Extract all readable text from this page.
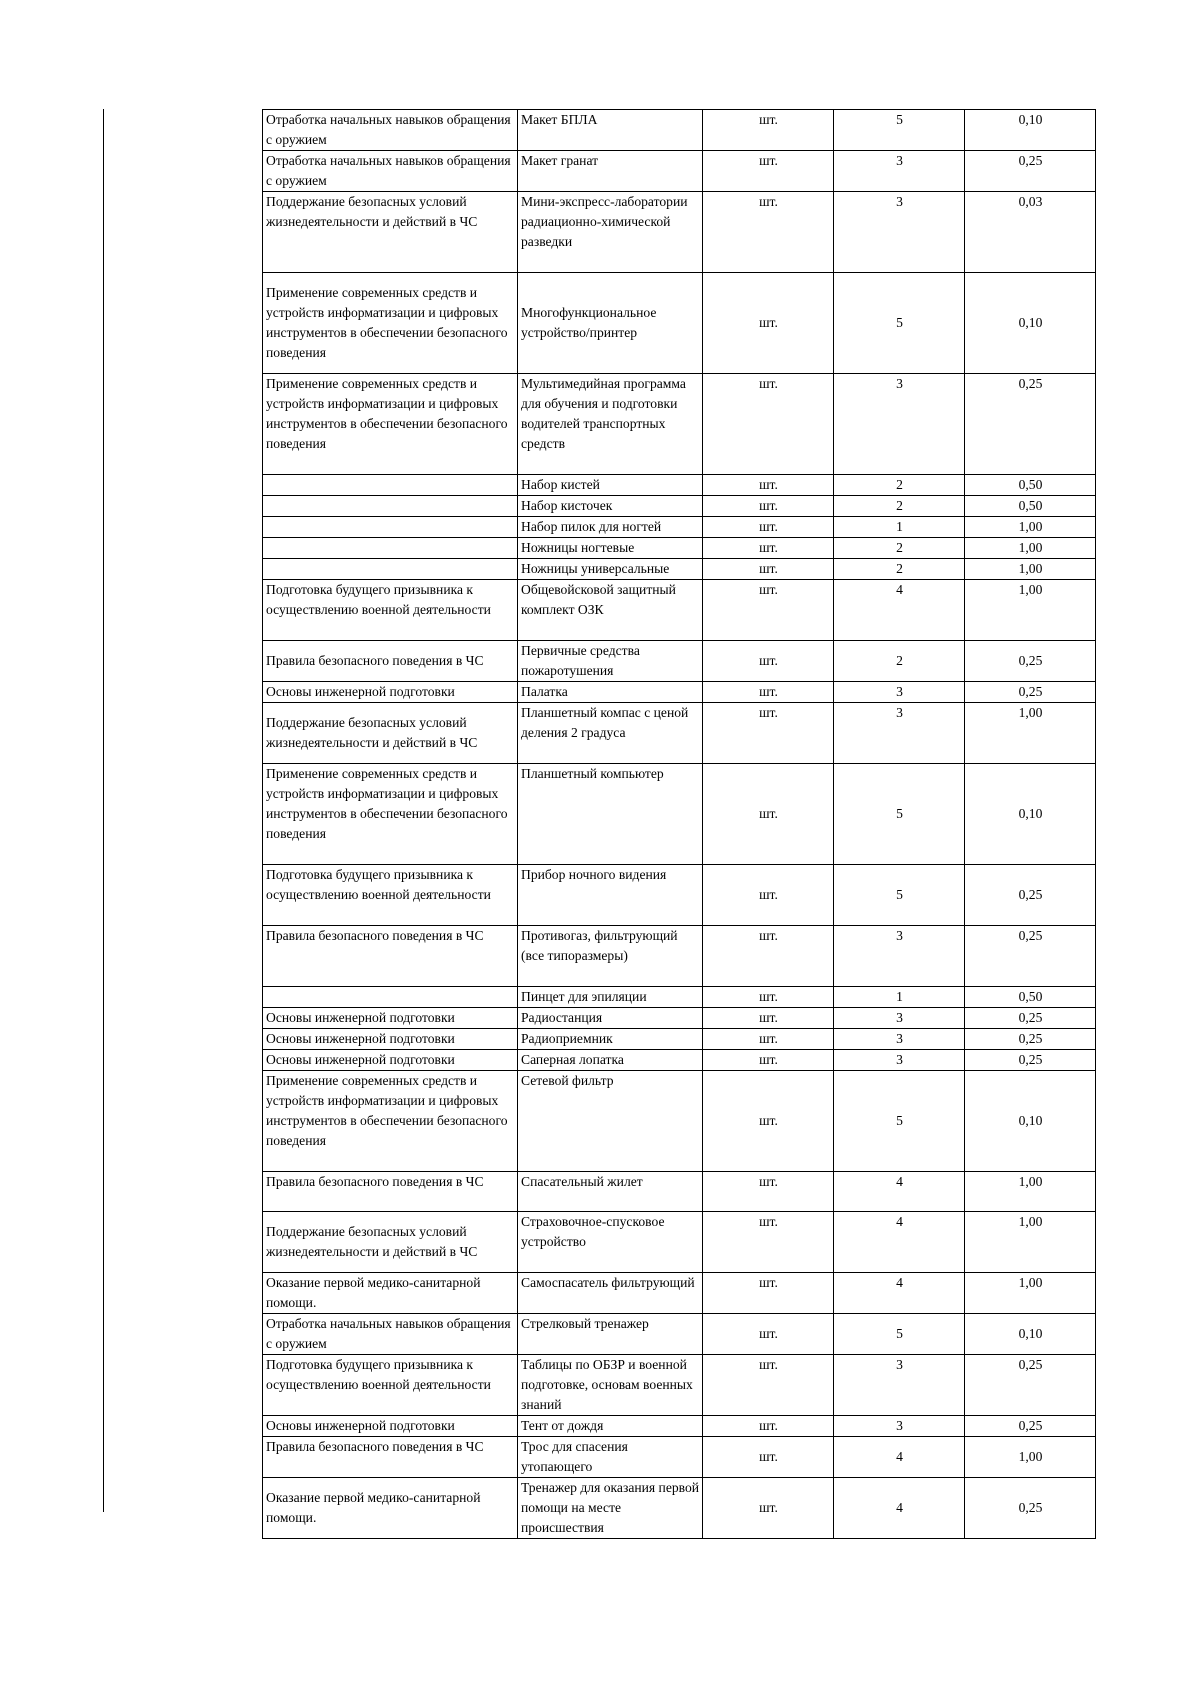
Отработка начальных навыков обращения с оружием	Макет БПЛА	шт.	5	0,10
Отработка начальных навыков обращения с оружием	Макет гранат	шт.	3	0,25
Поддержание безопасных условий жизнедеятельности и действий в ЧС	Мини-экспресс-лаборатории радиационно-химической разведки	шт.	3	0,03
Применение современных средств и устройств информатизации и цифровых инструментов в обеспечении безопасного поведения	Многофункциональное устройство/принтер	шт.	5	0,10
Применение современных средств и устройств информатизации и цифровых инструментов в обеспечении безопасного поведения	Мультимедийная программа для обучения и подготовки водителей транспортных средств	шт.	3	0,25
	Набор кистей	шт.	2	0,50
	Набор кисточек	шт.	2	0,50
	Набор пилок для ногтей	шт.	1	1,00
	Ножницы ногтевые	шт.	2	1,00
	Ножницы универсальные	шт.	2	1,00
Подготовка будущего призывника к осуществлению военной деятельности	Общевойсковой защитный комплект ОЗК	шт.	4	1,00
Правила безопасного поведения в ЧС	Первичные средства пожаротушения	шт.	2	0,25
Основы инженерной подготовки	Палатка	шт.	3	0,25
Поддержание безопасных условий жизнедеятельности и действий в ЧС	Планшетный компас с ценой деления 2 градуса	шт.	3	1,00
Применение современных средств и устройств информатизации и цифровых инструментов в обеспечении безопасного поведения	Планшетный компьютер	шт.	5	0,10
Подготовка будущего призывника к осуществлению военной деятельности	Прибор ночного видения	шт.	5	0,25
Правила безопасного поведения в ЧС	Противогаз, фильтрующий (все типоразмеры)	шт.	3	0,25
	Пинцет для эпиляции	шт.	1	0,50
Основы инженерной подготовки	Радиостанция	шт.	3	0,25
Основы инженерной подготовки	Радиоприемник	шт.	3	0,25
Основы инженерной подготовки	Саперная лопатка	шт.	3	0,25
Применение современных средств и устройств информатизации и цифровых инструментов в обеспечении безопасного поведения	Сетевой фильтр	шт.	5	0,10
Правила безопасного поведения в ЧС	Спасательный жилет	шт.	4	1,00
Поддержание безопасных условий жизнедеятельности и действий в ЧС	Страховочное-спусковое устройство	шт.	4	1,00
Оказание первой медико-санитарной помощи.	Самоспасатель фильтрующий	шт.	4	1,00
Отработка начальных навыков обращения с оружием	Стрелковый тренажер	шт.	5	0,10
Подготовка будущего призывника к осуществлению военной деятельности	Таблицы по ОБЗР и военной подготовке, основам военных знаний	шт.	3	0,25
Основы инженерной подготовки	Тент от дождя	шт.	3	0,25
Правила безопасного поведения в ЧС	Трос для спасения утопающего	шт.	4	1,00
Оказание первой медико-санитарной помощи.	Тренажер для оказания первой помощи на месте происшествия	шт.	4	0,25
